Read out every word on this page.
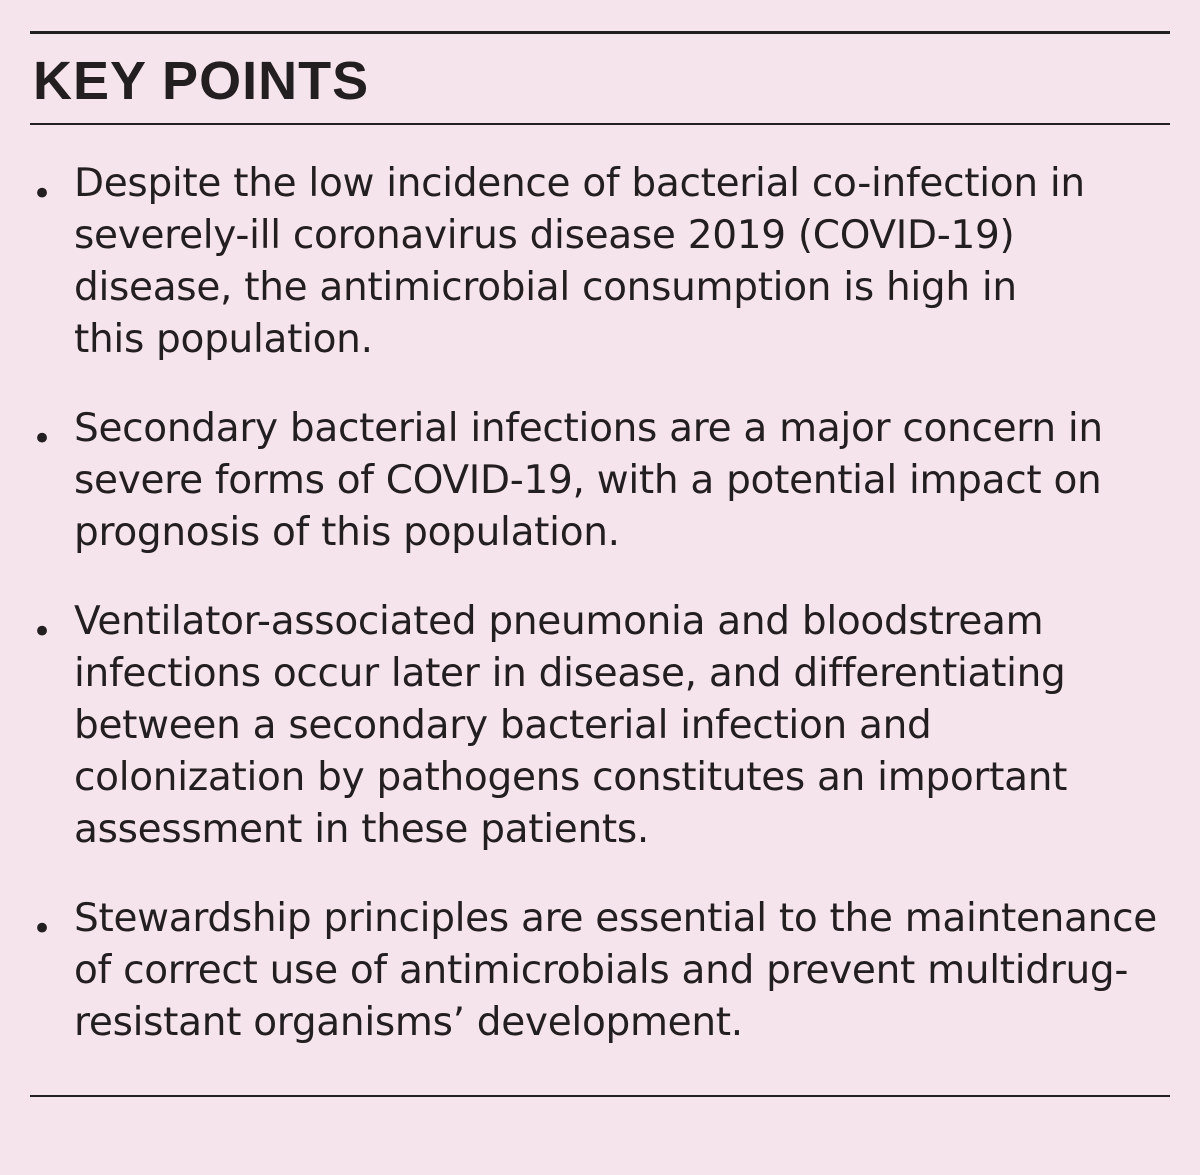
KEY POINTS
• Despite the low incidence of bacterial co-infection in
severely-ill coronavirus disease 2019 (COVID-19)
disease, the antimicrobial consumption is high in
this population.
• Secondary bacterial infections are a major concern in
severe forms of COVID-19, with a potential impact on
prognosis of this population.
• Ventilator-associated pneumonia and bloodstream
infections occur later in disease, and differentiating
between a secondary bacterial infection and
colonization by pathogens constitutes an important
assessment in these patients.
• Stewardship principles are essential to the maintenance
of correct use of antimicrobials and prevent multidrug-
resistant organisms’ development.
